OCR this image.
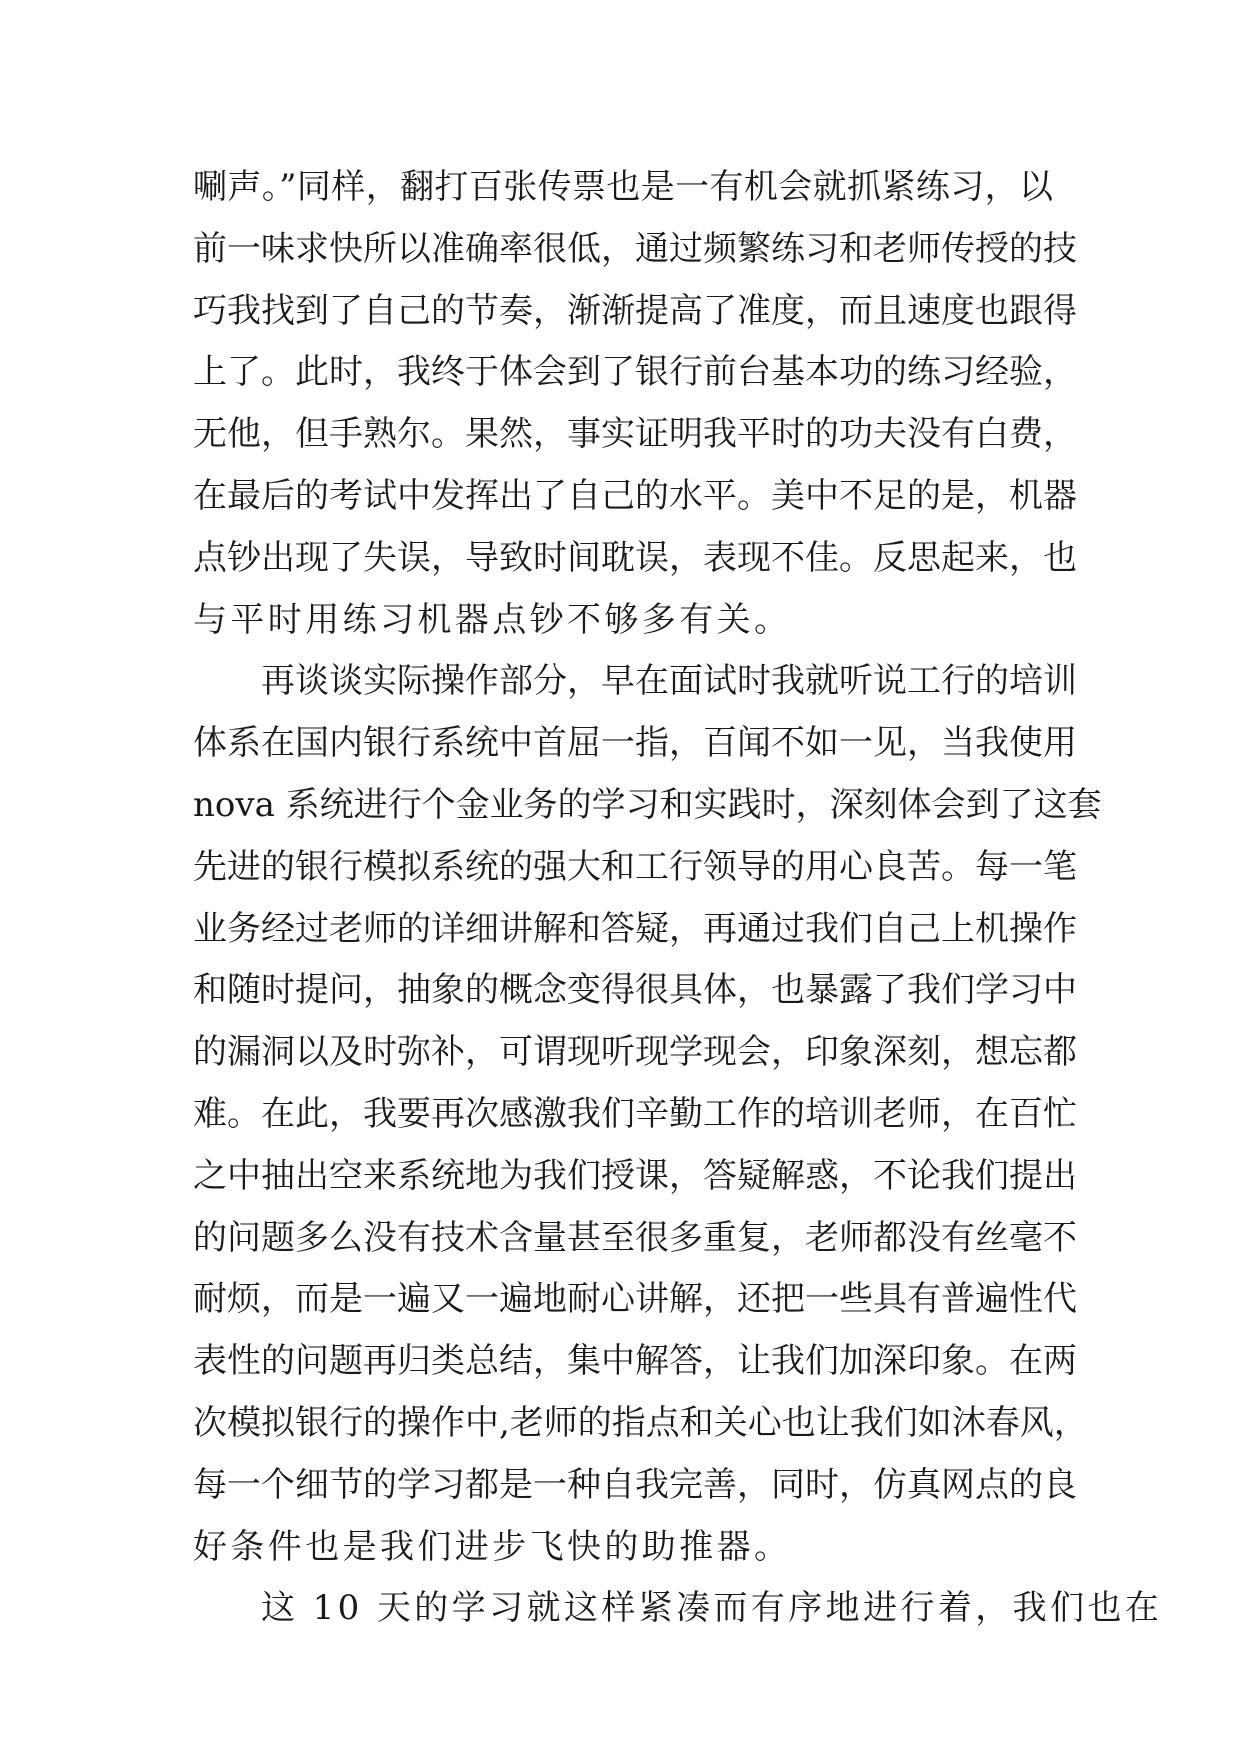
唰声。”同样，翻打百张传票也是一有机会就抓紧练习，以
前一味求快所以准确率很低，通过频繁练习和老师传授的技
巧我找到了自己的节奏，渐渐提高了准度，而且速度也跟得
上了。此时，我终于体会到了银行前台基本功的练习经验，
无他，但手熟尔。果然，事实证明我平时的功夫没有白费，
在最后的考试中发挥出了自己的水平。美中不足的是，机器
点钞出现了失误，导致时间耽误，表现不佳。反思起来，也
与平时用练习机器点钞不够多有关。
再谈谈实际操作部分，早在面试时我就听说工行的培训
体系在国内银行系统中首屈一指，百闻不如一见，当我使用
nova 系统进行个金业务的学习和实践时，深刻体会到了这套
先进的银行模拟系统的强大和工行领导的用心良苦。每一笔
业务经过老师的详细讲解和答疑，再通过我们自己上机操作
和随时提问，抽象的概念变得很具体，也暴露了我们学习中
的漏洞以及时弥补，可谓现听现学现会，印象深刻，想忘都
难。在此，我要再次感激我们辛勤工作的培训老师，在百忙
之中抽出空来系统地为我们授课，答疑解惑，不论我们提出
的问题多么没有技术含量甚至很多重复，老师都没有丝毫不
耐烦，而是一遍又一遍地耐心讲解，还把一些具有普遍性代
表性的问题再归类总结，集中解答，让我们加深印象。在两
次模拟银行的操作中,老师的指点和关心也让我们如沐春风，
每一个细节的学习都是一种自我完善，同时，仿真网点的良
好条件也是我们进步飞快的助推器。
这 10 天的学习就这样紧凑而有序地进行着，我们也在
